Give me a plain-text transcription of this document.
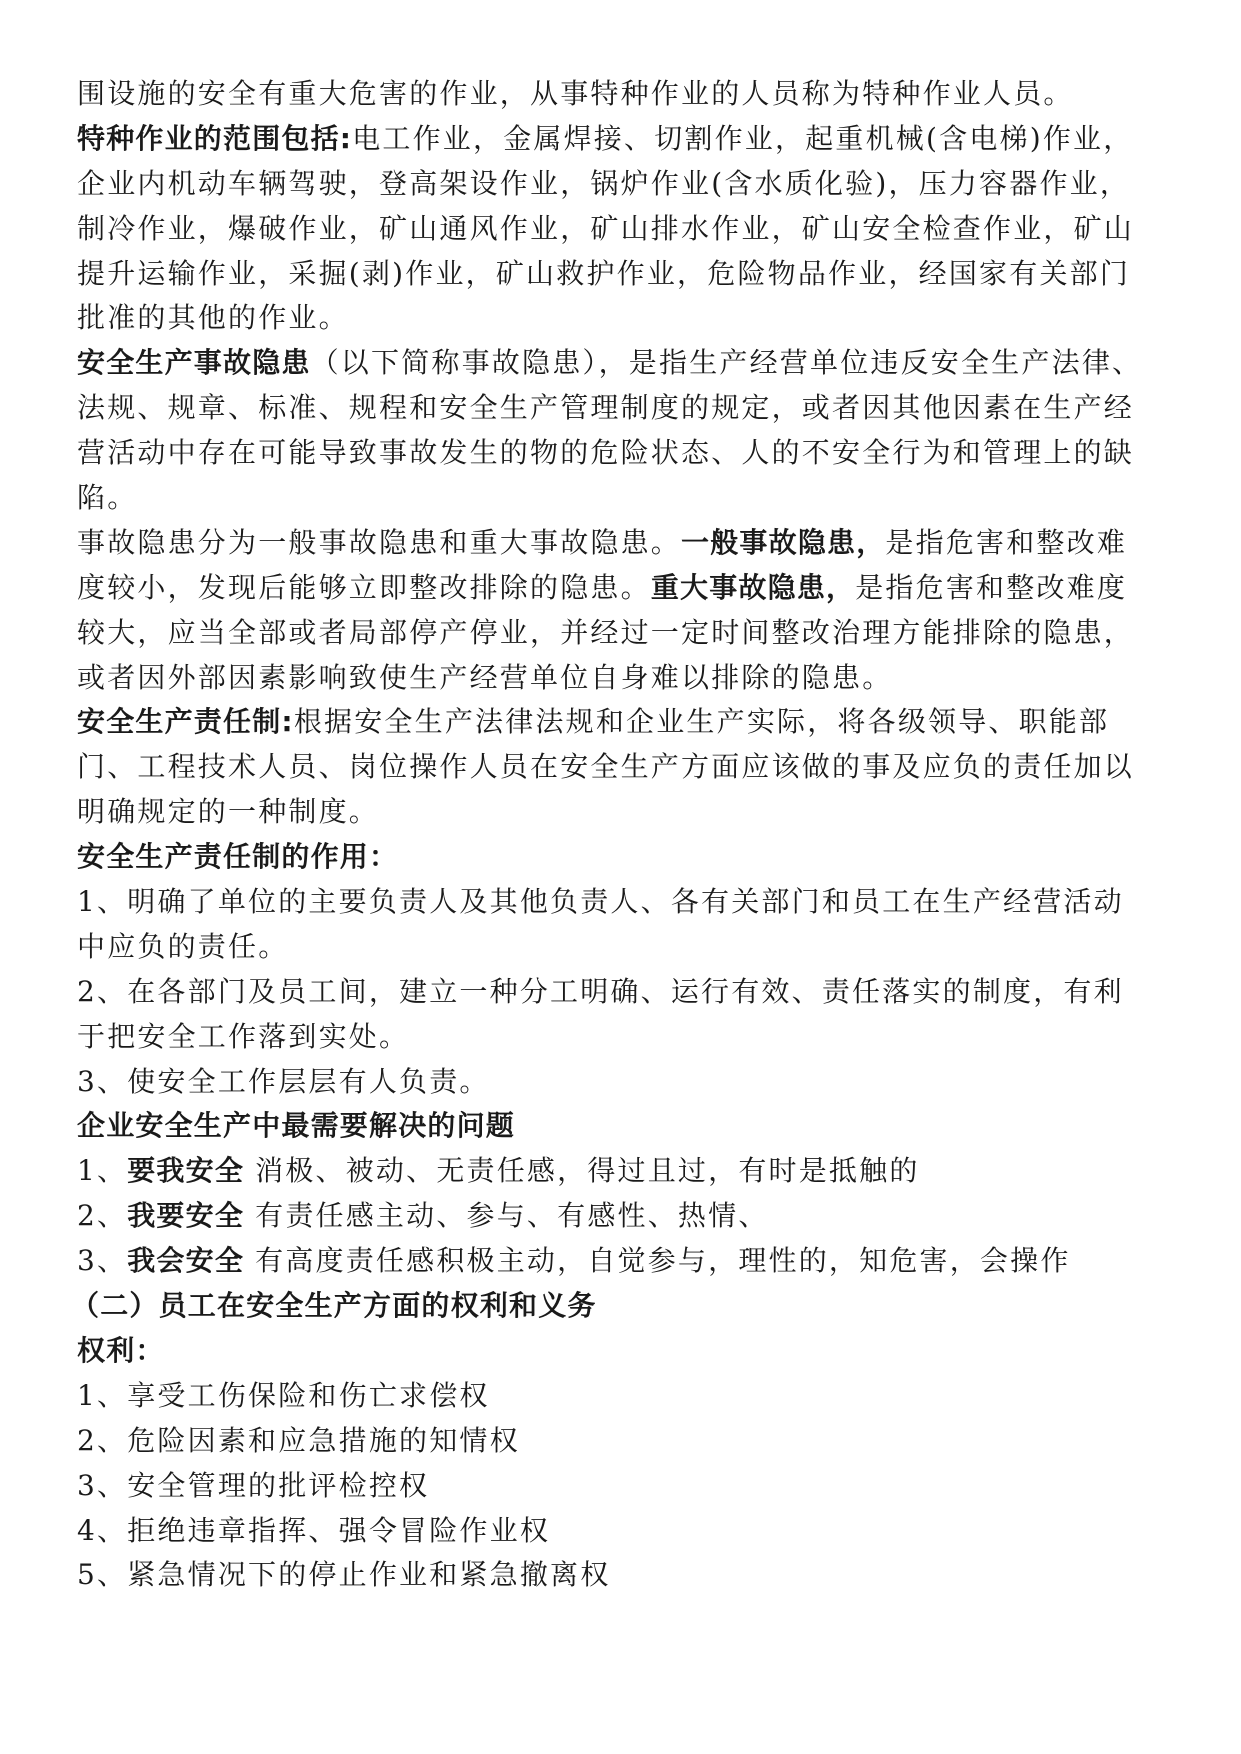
围设施的安全有重大危害的作业，从事特种作业的人员称为特种作业人员。
特种作业的范围包括:电工作业，金属焊接、切割作业，起重机械(含电梯)作业，
企业内机动车辆驾驶，登高架设作业，锅炉作业(含水质化验)，压力容器作业，
制冷作业，爆破作业，矿山通风作业，矿山排水作业，矿山安全检查作业，矿山
提升运输作业，采掘(剥)作业，矿山救护作业，危险物品作业，经国家有关部门
批准的其他的作业。
安全生产事故隐患（以下简称事故隐患），是指生产经营单位违反安全生产法律、
法规、规章、标准、规程和安全生产管理制度的规定，或者因其他因素在生产经
营活动中存在可能导致事故发生的物的危险状态、人的不安全行为和管理上的缺
陷。
事故隐患分为一般事故隐患和重大事故隐患。一般事故隐患，是指危害和整改难
度较小，发现后能够立即整改排除的隐患。重大事故隐患，是指危害和整改难度
较大，应当全部或者局部停产停业，并经过一定时间整改治理方能排除的隐患，
或者因外部因素影响致使生产经营单位自身难以排除的隐患。
安全生产责任制:根据安全生产法律法规和企业生产实际，将各级领导、职能部
门、工程技术人员、岗位操作人员在安全生产方面应该做的事及应负的责任加以
明确规定的一种制度。
安全生产责任制的作用：
1、明确了单位的主要负责人及其他负责人、各有关部门和员工在生产经营活动
中应负的责任。
2、在各部门及员工间，建立一种分工明确、运行有效、责任落实的制度，有利
于把安全工作落到实处。
3、使安全工作层层有人负责。
企业安全生产中最需要解决的问题
1、要我安全 消极、被动、无责任感，得过且过，有时是抵触的
2、我要安全 有责任感主动、参与、有感性、热情、
3、我会安全 有高度责任感积极主动，自觉参与，理性的，知危害，会操作
（二）员工在安全生产方面的权利和义务
权利：
1、享受工伤保险和伤亡求偿权
2、危险因素和应急措施的知情权
3、安全管理的批评检控权
4、拒绝违章指挥、强令冒险作业权
5、紧急情况下的停止作业和紧急撤离权
